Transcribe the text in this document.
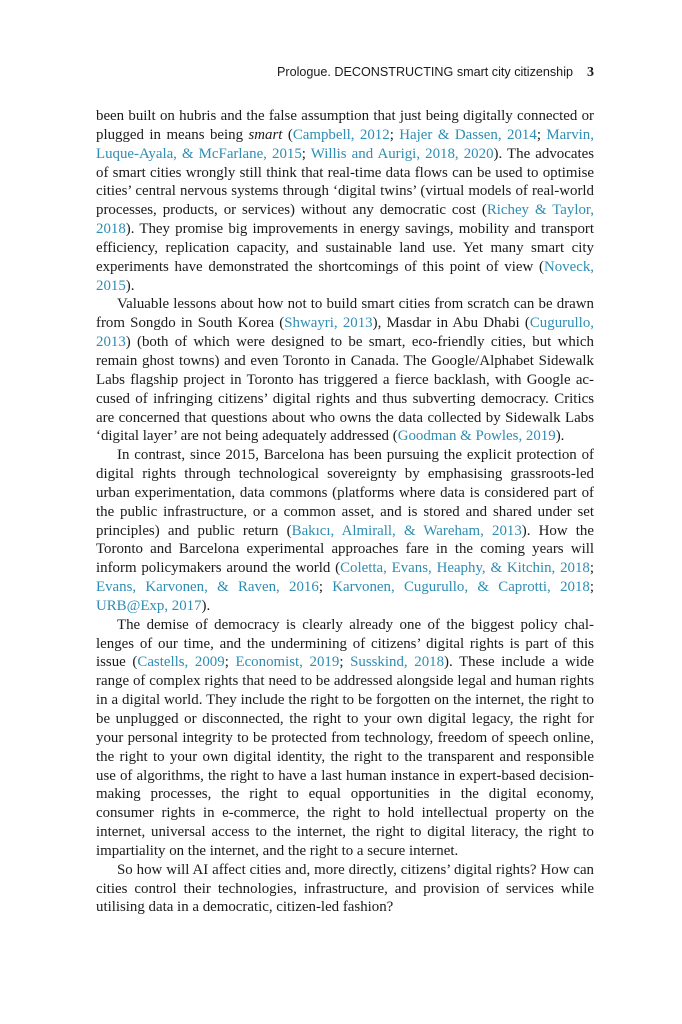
Prologue. DECONSTRUCTING smart city citizenship 3

been built on hubris and the false assumption that just being digitally connected or plugged in means being smart (Campbell, 2012; Hajer & Dassen, 2014; Marvin, Luque-Ayala, & McFarlane, 2015; Willis and Aurigi, 2018, 2020). The advocates of smart cities wrongly still think that real-time data flows can be used to optimise cities’ central nervous systems through ‘digital twins’ (virtual models of real-world processes, products, or services) without any democratic cost (Richey & Taylor, 2018). They promise big improvements in energy savings, mobility and transport efficiency, replication capacity, and sustainable land use. Yet many smart city experiments have demonstrated the shortcomings of this point of view (Noveck, 2015).

Valuable lessons about how not to build smart cities from scratch can be drawn from Songdo in South Korea (Shwayri, 2013), Masdar in Abu Dhabi (Cugurullo, 2013) (both of which were designed to be smart, eco-friendly cities, but which remain ghost towns) and even Toronto in Canada. The Google/Alphabet Sidewalk Labs flagship project in Toronto has triggered a fierce backlash, with Google accused of infringing citizens’ digital rights and thus subverting democracy. Critics are concerned that questions about who owns the data collected by Sidewalk Labs ‘digital layer’ are not being adequately addressed (Goodman & Powles, 2019).

In contrast, since 2015, Barcelona has been pursuing the explicit protection of digital rights through technological sovereignty by emphasising grassroots-led urban experimentation, data commons (platforms where data is considered part of the public infrastructure, or a common asset, and is stored and shared under set principles) and public return (Bakıcı, Almirall, & Wareham, 2013). How the Toronto and Barcelona experimental approaches fare in the coming years will inform policymakers around the world (Coletta, Evans, Heaphy, & Kitchin, 2018; Evans, Karvonen, & Raven, 2016; Karvonen, Cugurullo, & Caprotti, 2018; URB@Exp, 2017).

The demise of democracy is clearly already one of the biggest policy challenges of our time, and the undermining of citizens’ digital rights is part of this issue (Castells, 2009; Economist, 2019; Susskind, 2018). These include a wide range of complex rights that need to be addressed alongside legal and human rights in a digital world. They include the right to be forgotten on the internet, the right to be unplugged or disconnected, the right to your own digital legacy, the right for your personal integrity to be protected from technology, freedom of speech online, the right to your own digital identity, the right to the transparent and responsible use of algorithms, the right to have a last human instance in expert-based decision-making processes, the right to equal opportunities in the digital economy, consumer rights in e-commerce, the right to hold intellectual property on the internet, universal access to the internet, the right to digital literacy, the right to impartiality on the internet, and the right to a secure internet.

So how will AI affect cities and, more directly, citizens’ digital rights? How can cities control their technologies, infrastructure, and provision of services while utilising data in a democratic, citizen-led fashion?
